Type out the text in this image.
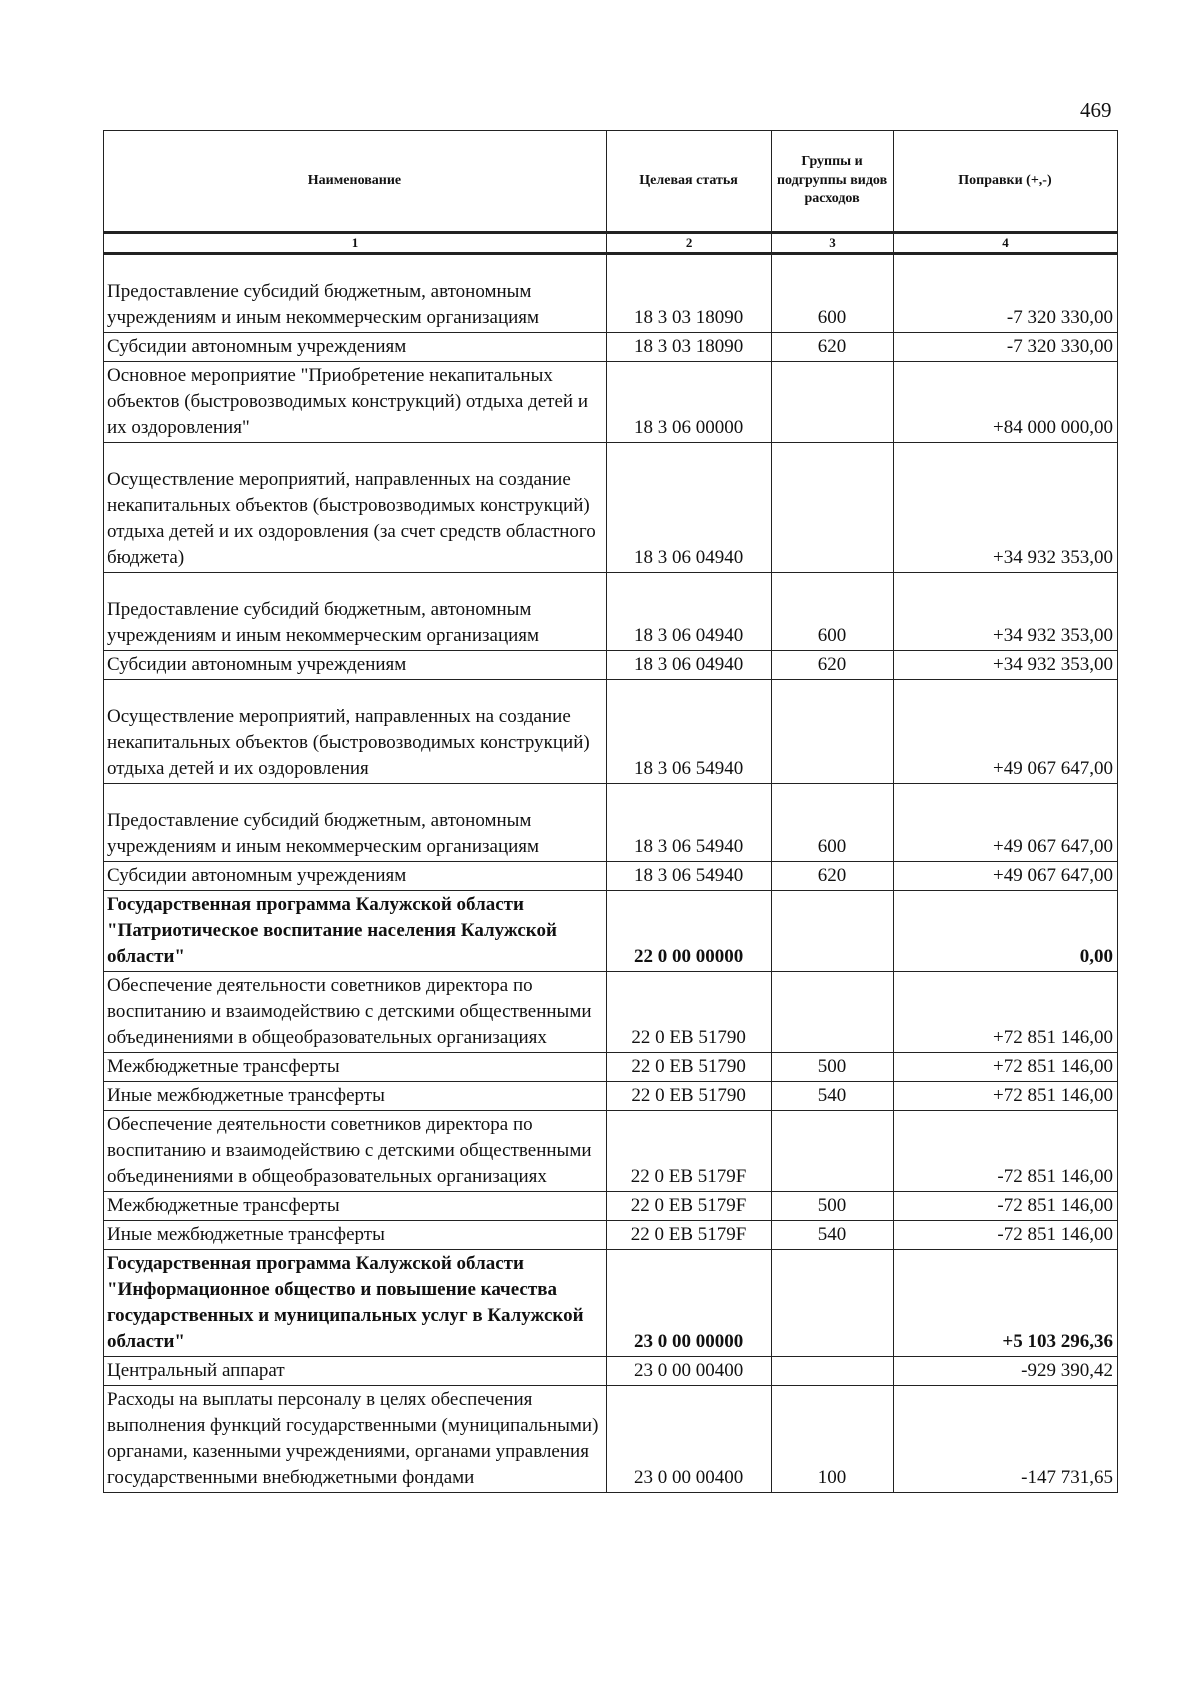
469
Наименование	Целевая статья	Группы и подгруппы видов расходов	Поправки (+,-)
1	2	3	4
Предоставление субсидий бюджетным, автономным учреждениям и иным некоммерческим организациям	18 3 03 18090	600	-7 320 330,00
Субсидии автономным учреждениям	18 3 03 18090	620	-7 320 330,00
Основное мероприятие "Приобретение некапитальных объектов (быстровозводимых конструкций) отдыха детей и их оздоровления"	18 3 06 00000		+84 000 000,00
Осуществление мероприятий, направленных на создание некапитальных объектов (быстровозводимых конструкций) отдыха детей и их оздоровления (за счет средств областного бюджета)	18 3 06 04940		+34 932 353,00
Предоставление субсидий бюджетным, автономным учреждениям и иным некоммерческим организациям	18 3 06 04940	600	+34 932 353,00
Субсидии автономным учреждениям	18 3 06 04940	620	+34 932 353,00
Осуществление мероприятий, направленных на создание некапитальных объектов (быстровозводимых конструкций) отдыха детей и их оздоровления	18 3 06 54940		+49 067 647,00
Предоставление субсидий бюджетным, автономным учреждениям и иным некоммерческим организациям	18 3 06 54940	600	+49 067 647,00
Субсидии автономным учреждениям	18 3 06 54940	620	+49 067 647,00
Государственная программа Калужской области "Патриотическое воспитание населения Калужской области"	22 0 00 00000		0,00
Обеспечение деятельности советников директора по воспитанию и взаимодействию с детскими общественными объединениями в общеобразовательных организациях	22 0 EB 51790		+72 851 146,00
Межбюджетные трансферты	22 0 EB 51790	500	+72 851 146,00
Иные межбюджетные трансферты	22 0 EB 51790	540	+72 851 146,00
Обеспечение деятельности советников директора по воспитанию и взаимодействию с детскими общественными объединениями в общеобразовательных организациях	22 0 EB 5179F		-72 851 146,00
Межбюджетные трансферты	22 0 EB 5179F	500	-72 851 146,00
Иные межбюджетные трансферты	22 0 EB 5179F	540	-72 851 146,00
Государственная программа Калужской области "Информационное общество и повышение качества государственных и муниципальных услуг в Калужской области"	23 0 00 00000		+5 103 296,36
Центральный аппарат	23 0 00 00400		-929 390,42
Расходы на выплаты персоналу в целях обеспечения выполнения функций государственными (муниципальными) органами, казенными учреждениями, органами управления государственными внебюджетными фондами	23 0 00 00400	100	-147 731,65
